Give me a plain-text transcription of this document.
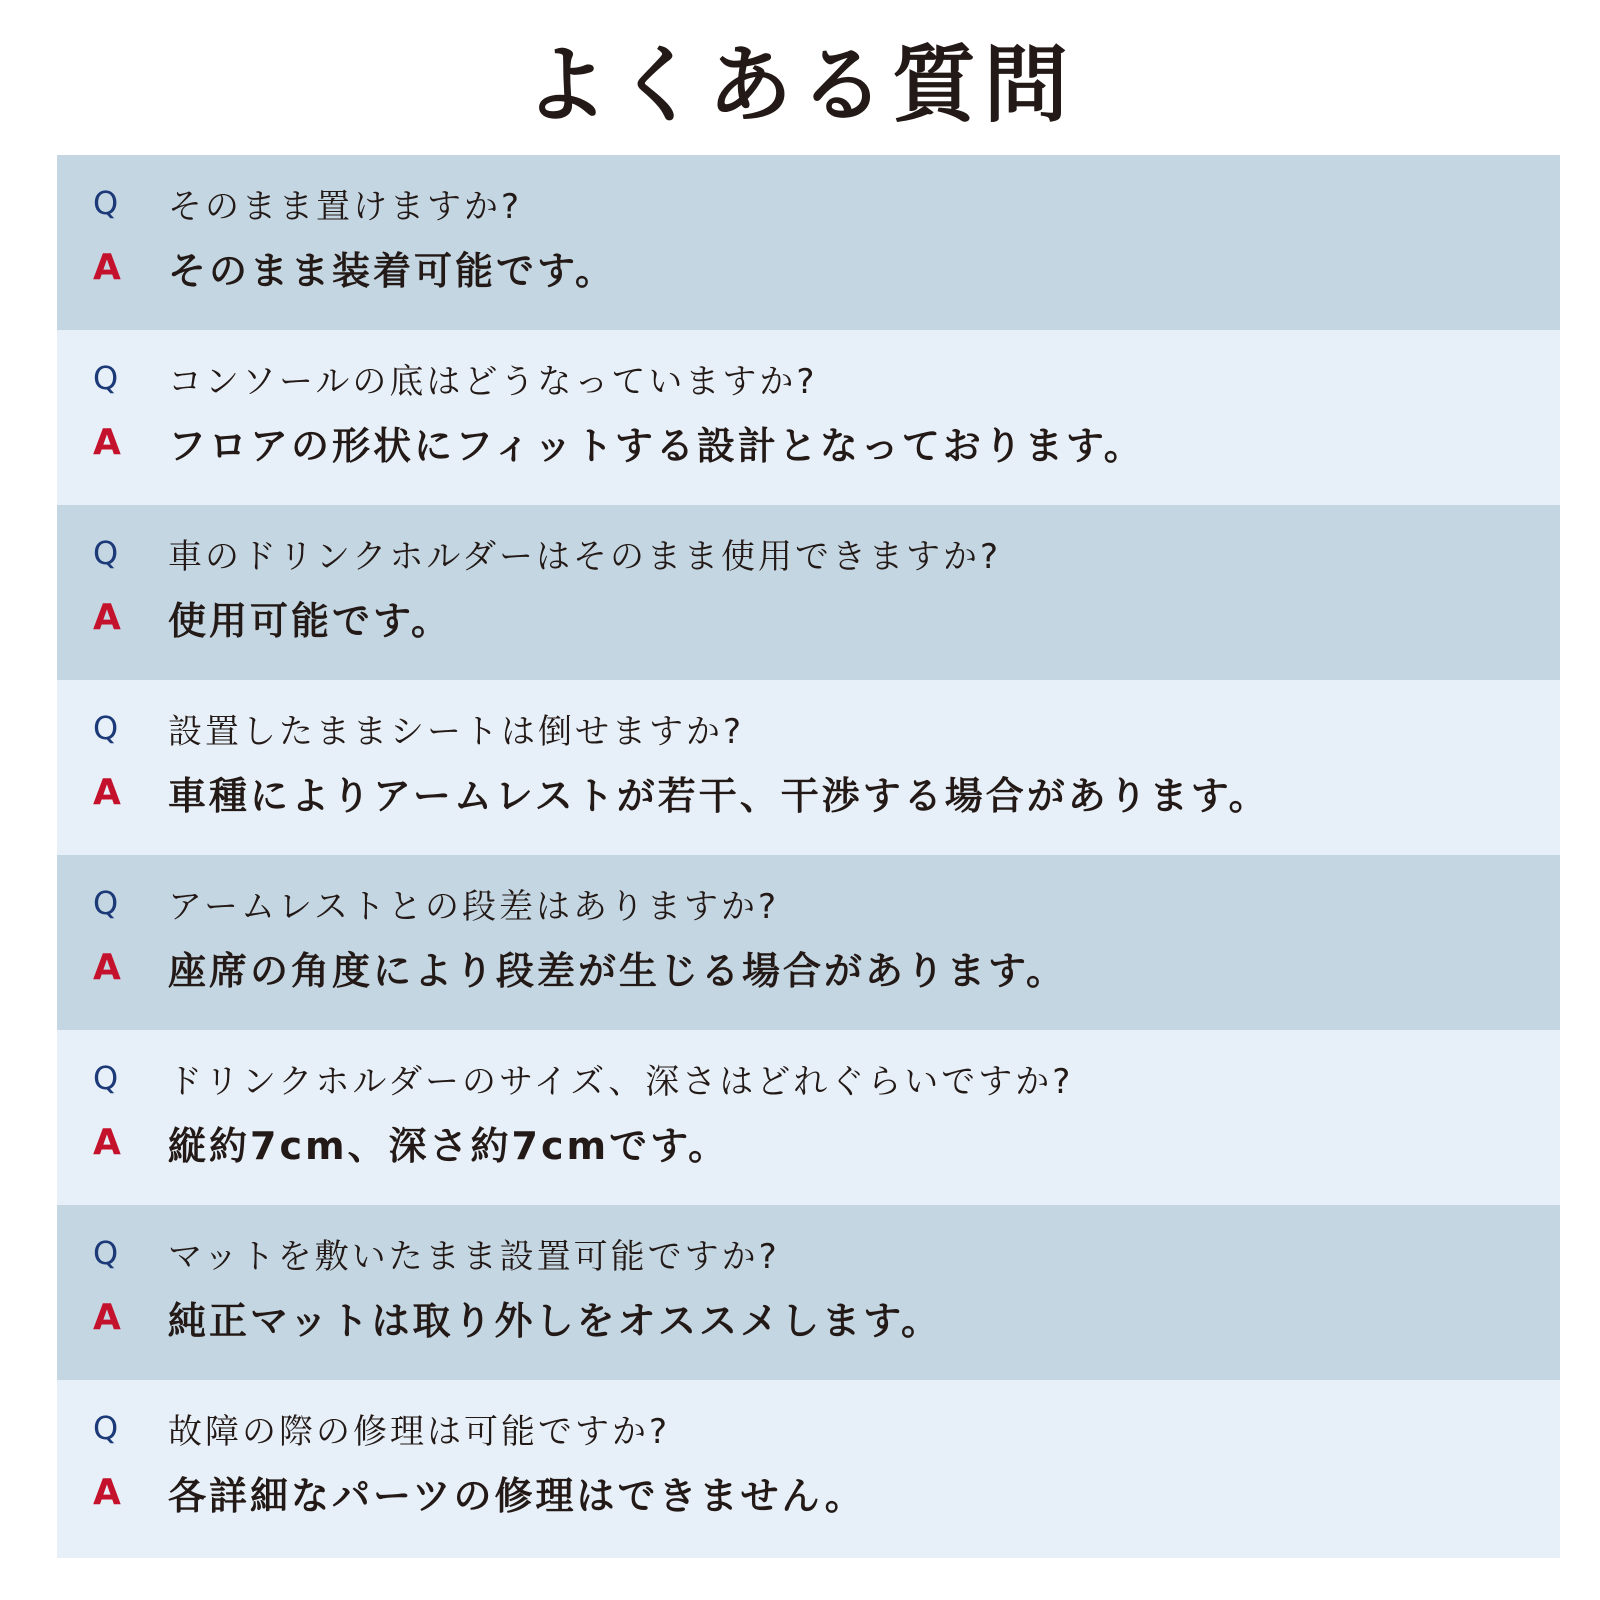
よくある質問
Q	そのまま置けますか?
A	そのまま装着可能です。
Q	コンソールの底はどうなっていますか?
A	フロアの形状にフィットする設計となっております。
Q	車のドリンクホルダーはそのまま使用できますか?
A	使用可能です。
Q	設置したままシートは倒せますか?
A	車種によりアームレストが若干、干渉する場合があります。
Q	アームレストとの段差はありますか?
A	座席の角度により段差が生じる場合があります。
Q	ドリンクホルダーのサイズ、深さはどれぐらいですか?
A	縦約7cm、深さ約7cmです。
Q	マットを敷いたまま設置可能ですか?
A	純正マットは取り外しをオススメします。
Q	故障の際の修理は可能ですか?
A	各詳細なパーツの修理はできません。
